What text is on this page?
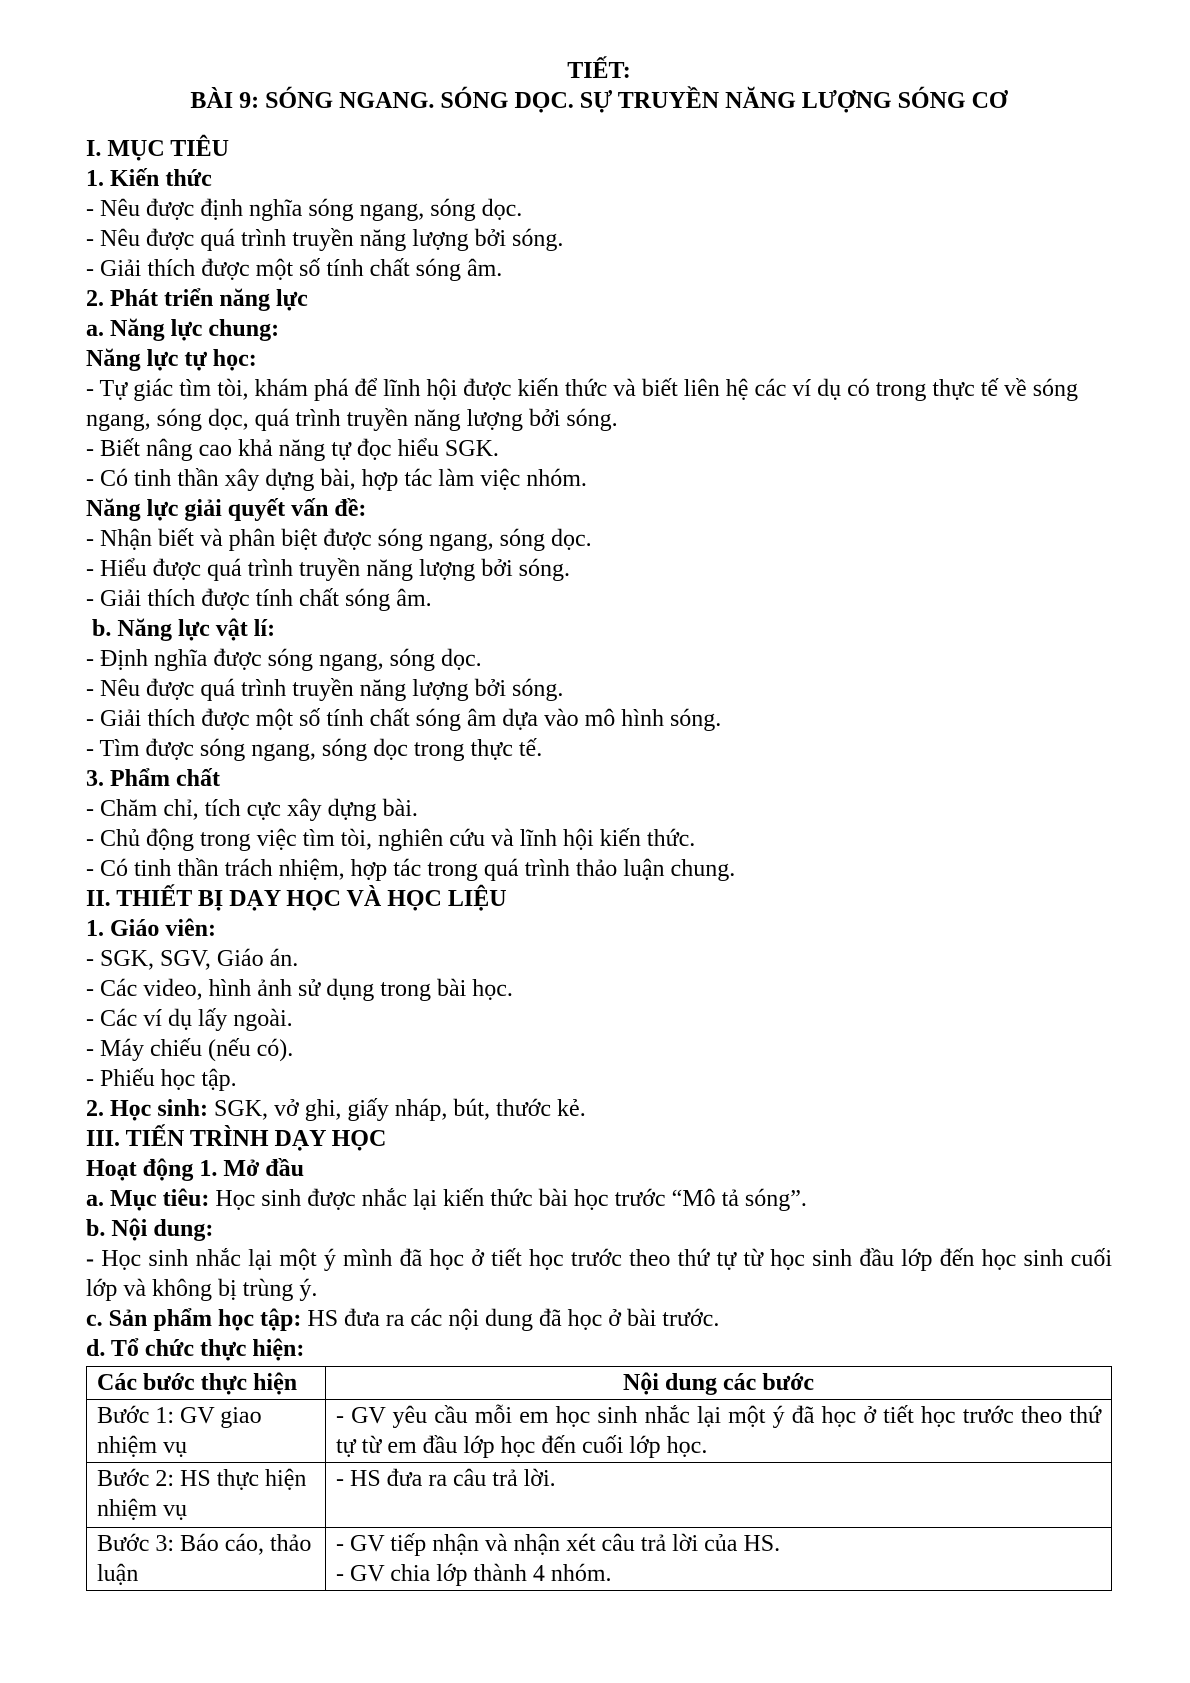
TIẾT:
BÀI 9: SÓNG NGANG. SÓNG DỌC. SỰ TRUYỀN NĂNG LƯỢNG SÓNG CƠ
I. MỤC TIÊU
1. Kiến thức
- Nêu được định nghĩa sóng ngang, sóng dọc.
- Nêu được quá trình truyền năng lượng bởi sóng.
- Giải thích được một số tính chất sóng âm.
2. Phát triển năng lực
a. Năng lực chung:
Năng lực tự học:
- Tự giác tìm tòi, khám phá để lĩnh hội được kiến thức và biết liên hệ các ví dụ có trong thực tế về sóng ngang, sóng dọc, quá trình truyền năng lượng bởi sóng.
- Biết nâng cao khả năng tự đọc hiểu SGK.
- Có tinh thần xây dựng bài, hợp tác làm việc nhóm.
Năng lực giải quyết vấn đề:
- Nhận biết và phân biệt được sóng ngang, sóng dọc.
- Hiểu được quá trình truyền năng lượng bởi sóng.
- Giải thích được tính chất sóng âm.
b. Năng lực vật lí:
- Định nghĩa được sóng ngang, sóng dọc.
- Nêu được quá trình truyền năng lượng bởi sóng.
- Giải thích được một số tính chất sóng âm dựa vào mô hình sóng.
- Tìm được sóng ngang, sóng dọc trong thực tế.
3. Phẩm chất
- Chăm chỉ, tích cực xây dựng bài.
- Chủ động trong việc tìm tòi, nghiên cứu và lĩnh hội kiến thức.
- Có tinh thần trách nhiệm, hợp tác trong quá trình thảo luận chung.
II. THIẾT BỊ DẠY HỌC VÀ HỌC LIỆU
1. Giáo viên:
- SGK, SGV, Giáo án.
- Các video, hình ảnh sử dụng trong bài học.
- Các ví dụ lấy ngoài.
- Máy chiếu (nếu có).
- Phiếu học tập.
2. Học sinh: SGK, vở ghi, giấy nháp, bút, thước kẻ.
III. TIẾN TRÌNH DẠY HỌC
Hoạt động 1. Mở đầu
a. Mục tiêu: Học sinh được nhắc lại kiến thức bài học trước “Mô tả sóng”.
b. Nội dung:
- Học sinh nhắc lại một ý mình đã học ở tiết học trước theo thứ tự từ học sinh đầu lớp đến học sinh cuối lớp và không bị trùng ý.
c. Sản phẩm học tập: HS đưa ra các nội dung đã học ở bài trước.
d. Tổ chức thực hiện:
Các bước thực hiện	Nội dung các bước
Bước 1: GV giao nhiệm vụ	- GV yêu cầu mỗi em học sinh nhắc lại một ý đã học ở tiết học trước theo thứ tự từ em đầu lớp học đến cuối lớp học.
Bước 2: HS thực hiện nhiệm vụ	- HS đưa ra câu trả lời.
Bước 3: Báo cáo, thảo luận	- GV tiếp nhận và nhận xét câu trả lời của HS.
- GV chia lớp thành 4 nhóm.
